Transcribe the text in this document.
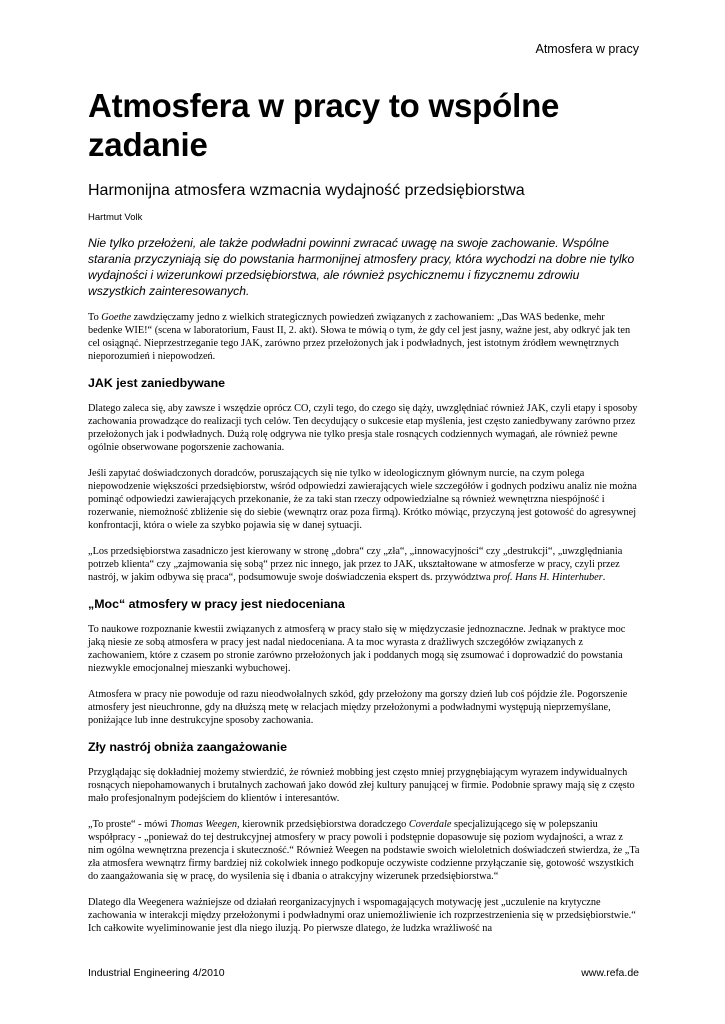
Atmosfera w pracy
Atmosfera w pracy to wspólne zadanie
Harmonijna atmosfera wzmacnia wydajność przedsiębiorstwa
Hartmut Volk
Nie tylko przełożeni, ale także podwładni powinni zwracać uwagę na swoje zachowanie. Wspólne starania przyczyniają się do powstania harmonijnej atmosfery pracy, która wychodzi na dobre nie tylko wydajności i wizerunkowi przedsiębiorstwa, ale również psychicznemu i fizycznemu zdrowiu wszystkich zainteresowanych.

To Goethe zawdzięczamy jedno z wielkich strategicznych powiedzeń związanych z zachowaniem: „Das WAS bedenke, mehr bedenke WIE!“ (scena w laboratorium, Faust II, 2. akt). Słowa te mówią o tym, że gdy cel jest jasny, ważne jest, aby odkryć jak ten cel osiągnąć. Nieprzestrzeganie tego JAK, zarówno przez przełożonych jak i podwładnych, jest istotnym źródłem wewnętrznych nieporozumień i niepowodzeń.

JAK jest zaniedbywane

Dlatego zaleca się, aby zawsze i wszędzie oprócz CO, czyli tego, do czego się dąży, uwzględniać również JAK, czyli etapy i sposoby zachowania prowadzące do realizacji tych celów. Ten decydujący o sukcesie etap myślenia, jest często zaniedbywany zarówno przez przełożonych jak i podwładnych. Dużą rolę odgrywa nie tylko presja stale rosnących codziennych wymagań, ale również pewne ogólnie obserwowane pogorszenie zachowania.

Jeśli zapytać doświadczonych doradców, poruszających się nie tylko w ideologicznym głównym nurcie, na czym polega niepowodzenie większości przedsiębiorstw, wśród odpowiedzi zawierających wiele szczegółów i godnych podziwu analiz nie można pominąć odpowiedzi zawierających przekonanie, że za taki stan rzeczy odpowiedzialne są również wewnętrzna niespójność i rozerwanie, niemożność zbliżenie się do siebie (wewnątrz oraz poza firmą). Krótko mówiąc, przyczyną jest gotowość do agresywnej konfrontacji, która o wiele za szybko pojawia się w danej sytuacji.

„Los przedsiębiorstwa zasadniczo jest kierowany w stronę „dobra“ czy „zła“, „innowacyjności“ czy „destrukcji“, „uwzględniania potrzeb klienta“ czy „zajmowania się sobą“ przez nic innego, jak przez to JAK, ukształtowane w atmosferze w pracy, czyli przez nastrój, w jakim odbywa się praca“, podsumowuje swoje doświadczenia ekspert ds. przywództwa prof. Hans H. Hinterhuber.

„Moc“ atmosfery w pracy jest niedoceniana

To naukowe rozpoznanie kwestii związanych z atmosferą w pracy stało się w międzyczasie jednoznaczne. Jednak w praktyce moc jaką niesie ze sobą atmosfera w pracy jest nadal niedoceniana. A ta moc wyrasta z drażliwych szczegółów związanych z zachowaniem, które z czasem po stronie zarówno przełożonych jak i poddanych mogą się zsumować i doprowadzić do powstania niezwykle emocjonalnej mieszanki wybuchowej.

Atmosfera w pracy nie powoduje od razu nieodwołalnych szkód, gdy przełożony ma gorszy dzień lub coś pójdzie źle. Pogorszenie atmosfery jest nieuchronne, gdy na dłuższą metę w relacjach między przełożonymi a podwładnymi występują nieprzemyślane, poniżające lub inne destrukcyjne sposoby zachowania.

Zły nastrój obniża zaangażowanie

Przyglądając się dokładniej możemy stwierdzić, że również mobbing jest często mniej przygnębiającym wyrazem indywidualnych rosnących niepohamowanych i brutalnych zachowań jako dowód złej kultury panującej w firmie. Podobnie sprawy mają się z często mało profesjonalnym podejściem do klientów i interesantów.

„To proste“ - mówi Thomas Weegen, kierownik przedsiębiorstwa doradczego Coverdale specjalizującego się w polepszaniu współpracy - „ponieważ do tej destrukcyjnej atmosfery w pracy powoli i podstępnie dopasowuje się poziom wydajności, a wraz z nim ogólna wewnętrzna prezencja i skuteczność.“ Również Weegen na podstawie swoich wieloletnich doświadczeń stwierdza, że „Ta zła atmosfera wewnątrz firmy bardziej niż cokolwiek innego podkopuje oczywiste codzienne przyłączanie się, gotowość wszystkich do zaangażowania się w pracę, do wysilenia się i dbania o atrakcyjny wizerunek przedsiębiorstwa.“

Dlatego dla Weegenera ważniejsze od działań reorganizacyjnych i wspomagających motywację jest „uczulenie na krytyczne zachowania w interakcji między przełożonymi i podwładnymi oraz uniemożliwienie ich rozprzestrzenienia się w przedsiębiorstwie.“ Ich całkowite wyeliminowanie jest dla niego iluzją. Po pierwsze dlatego, że ludzka wrażliwość na

Industrial Engineering 4/2010	www.refa.de
